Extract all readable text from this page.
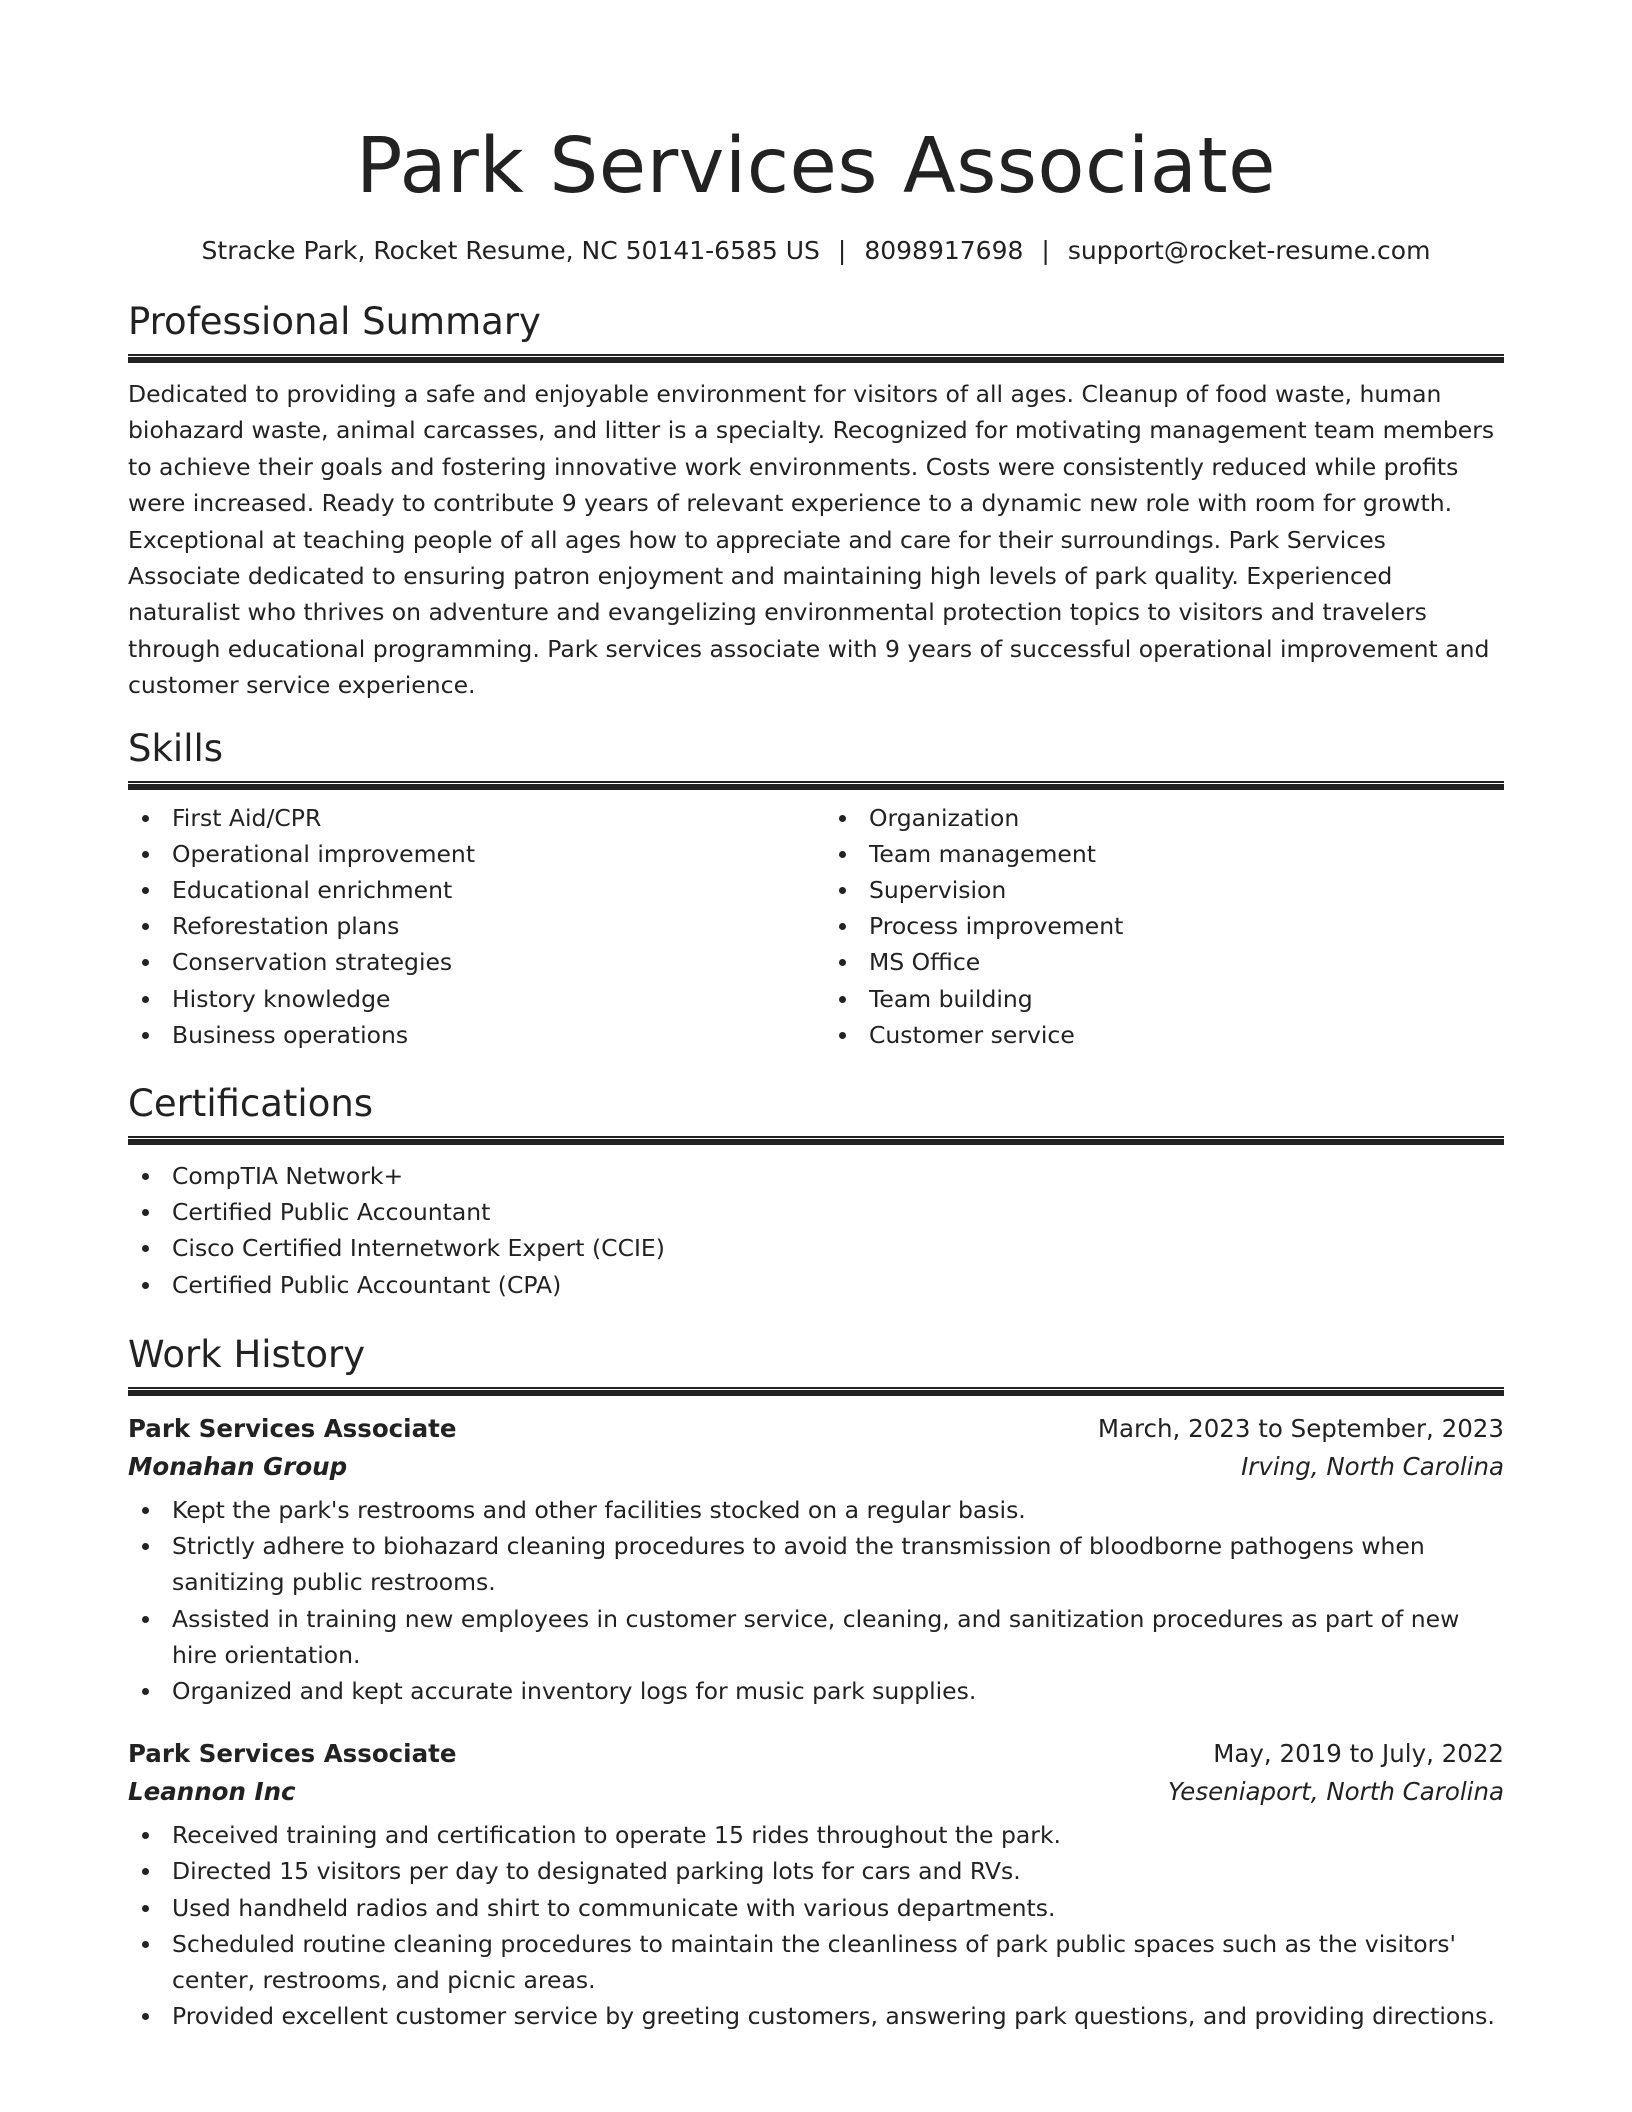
Park Services Associate
Stracke Park, Rocket Resume, NC 50141-6585 US | 8098917698 | support@rocket-resume.com
Professional Summary

Dedicated to providing a safe and enjoyable environment for visitors of all ages. Cleanup of food waste, human biohazard waste, animal carcasses, and litter is a specialty. Recognized for motivating management team members to achieve their goals and fostering innovative work environments. Costs were consistently reduced while profits were increased. Ready to contribute 9 years of relevant experience to a dynamic new role with room for growth. Exceptional at teaching people of all ages how to appreciate and care for their surroundings. Park Services Associate dedicated to ensuring patron enjoyment and maintaining high levels of park quality. Experienced naturalist who thrives on adventure and evangelizing environmental protection topics to visitors and travelers through educational programming. Park services associate with 9 years of successful operational improvement and customer service experience.

Skills
First Aid/CPR
Operational improvement
Educational enrichment
Reforestation plans
Conservation strategies
History knowledge
Business operations
Organization
Team management
Supervision
Process improvement
MS Office
Team building
Customer service
Certifications
CompTIA Network+
Certified Public Accountant
Cisco Certified Internetwork Expert (CCIE)
Certified Public Accountant (CPA)
Work History
Park Services Associate	March, 2023 to September, 2023
Monahan Group	Irving, North Carolina
Kept the park's restrooms and other facilities stocked on a regular basis.
Strictly adhere to biohazard cleaning procedures to avoid the transmission of bloodborne pathogens when sanitizing public restrooms.
Assisted in training new employees in customer service, cleaning, and sanitization procedures as part of new hire orientation.
Organized and kept accurate inventory logs for music park supplies.
Park Services Associate	May, 2019 to July, 2022
Leannon Inc	Yeseniaport, North Carolina
Received training and certification to operate 15 rides throughout the park.
Directed 15 visitors per day to designated parking lots for cars and RVs.
Used handheld radios and shirt to communicate with various departments.
Scheduled routine cleaning procedures to maintain the cleanliness of park public spaces such as the visitors' center, restrooms, and picnic areas.
Provided excellent customer service by greeting customers, answering park questions, and providing directions.
